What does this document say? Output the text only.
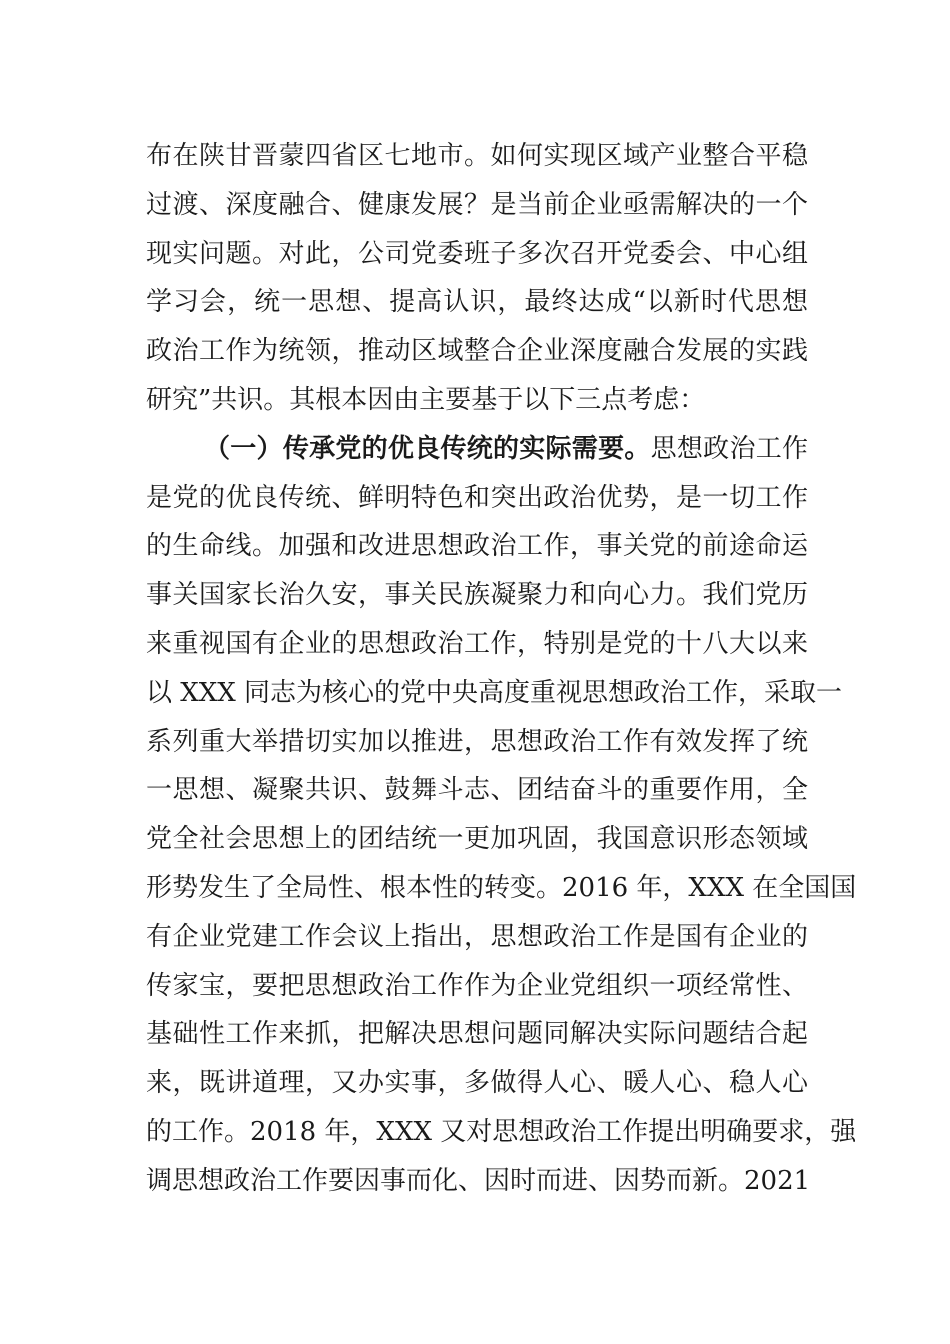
布在陕甘晋蒙四省区七地市。如何实现区域产业整合平稳
过渡、深度融合、健康发展？是当前企业亟需解决的一个
现实问题。对此，公司党委班子多次召开党委会、中心组
学习会，统一思想、提高认识，最终达成“以新时代思想
政治工作为统领，推动区域整合企业深度融合发展的实践
研究”共识。其根本因由主要基于以下三点考虑：
（一）传承党的优良传统的实际需要。思想政治工作
是党的优良传统、鲜明特色和突出政治优势，是一切工作
的生命线。加强和改进思想政治工作，事关党的前途命运
事关国家长治久安，事关民族凝聚力和向心力。我们党历
来重视国有企业的思想政治工作，特别是党的十八大以来
以 XXX 同志为核心的党中央高度重视思想政治工作，采取一
系列重大举措切实加以推进，思想政治工作有效发挥了统
一思想、凝聚共识、鼓舞斗志、团结奋斗的重要作用，全
党全社会思想上的团结统一更加巩固，我国意识形态领域
形势发生了全局性、根本性的转变。2016 年，XXX 在全国国
有企业党建工作会议上指出，思想政治工作是国有企业的
传家宝，要把思想政治工作作为企业党组织一项经常性、
基础性工作来抓，把解决思想问题同解决实际问题结合起
来，既讲道理，又办实事，多做得人心、暖人心、稳人心
的工作。2018 年，XXX 又对思想政治工作提出明确要求，强
调思想政治工作要因事而化、因时而进、因势而新。2021
